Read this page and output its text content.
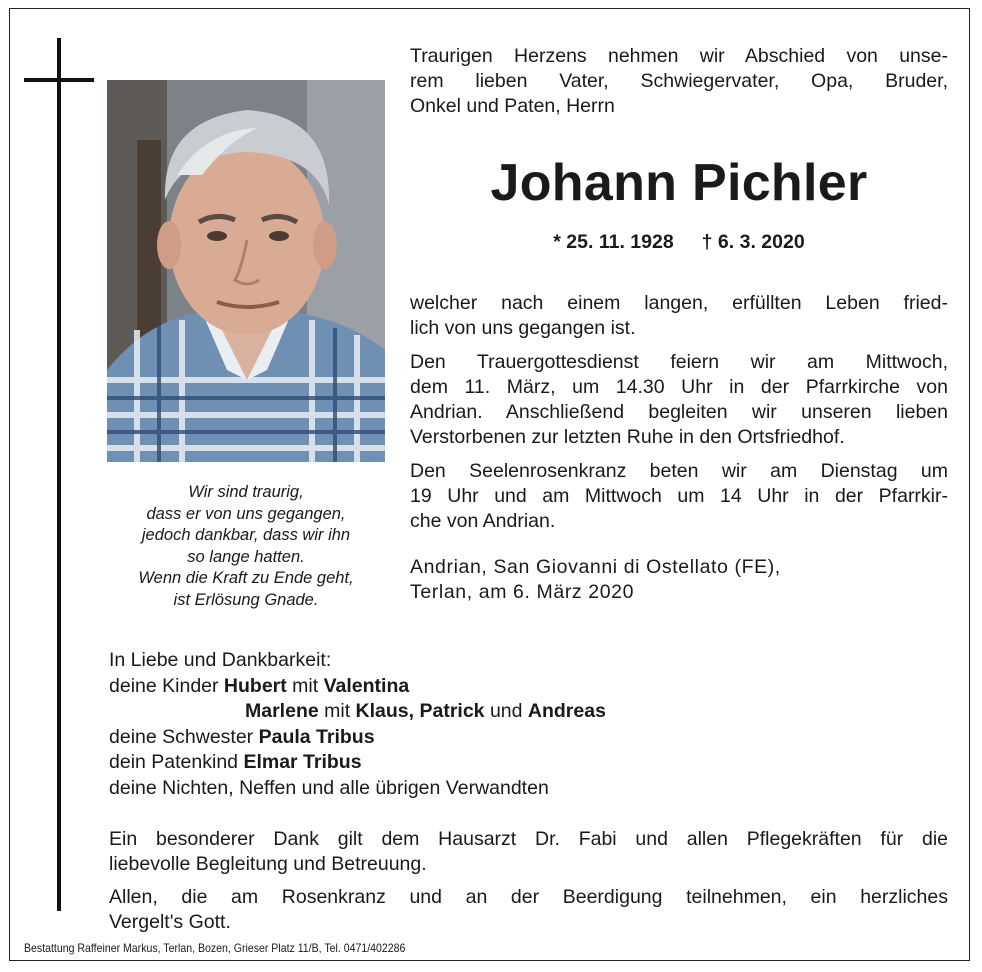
Wir sind traurig,
dass er von uns gegangen,
jedoch dankbar, dass wir ihn
so lange hatten.
Wenn die Kraft zu Ende geht,
ist Erlösung Gnade.
Traurigen Herzens nehmen wir Abschied von unse-
rem lieben Vater, Schwiegervater, Opa, Bruder,
Onkel und Paten, Herrn
Johann Pichler
* 25. 11. 1928 † 6. 3. 2020
welcher nach einem langen, erfüllten Leben fried-
lich von uns gegangen ist.
Den Trauergottesdienst feiern wir am Mittwoch,
dem 11. März, um 14.30 Uhr in der Pfarrkirche von
Andrian. Anschließend begleiten wir unseren lieben
Verstorbenen zur letzten Ruhe in den Ortsfriedhof.
Den Seelenrosenkranz beten wir am Dienstag um
19 Uhr und am Mittwoch um 14 Uhr in der Pfarrkir-
che von Andrian.
Andrian, San Giovanni di Ostellato (FE),
Terlan, am 6. März 2020
In Liebe und Dankbarkeit:
deine Kinder Hubert mit Valentina
Marlene mit Klaus, Patrick und Andreas
deine Schwester Paula Tribus
dein Patenkind Elmar Tribus
deine Nichten, Neffen und alle übrigen Verwandten
Ein besonderer Dank gilt dem Hausarzt Dr. Fabi und allen Pflegekräften für die
liebevolle Begleitung und Betreuung.
Allen, die am Rosenkranz und an der Beerdigung teilnehmen, ein herzliches
Vergelt's Gott.
Bestattung Raffeiner Markus, Terlan, Bozen, Grieser Platz 11/B, Tel. 0471/402286
